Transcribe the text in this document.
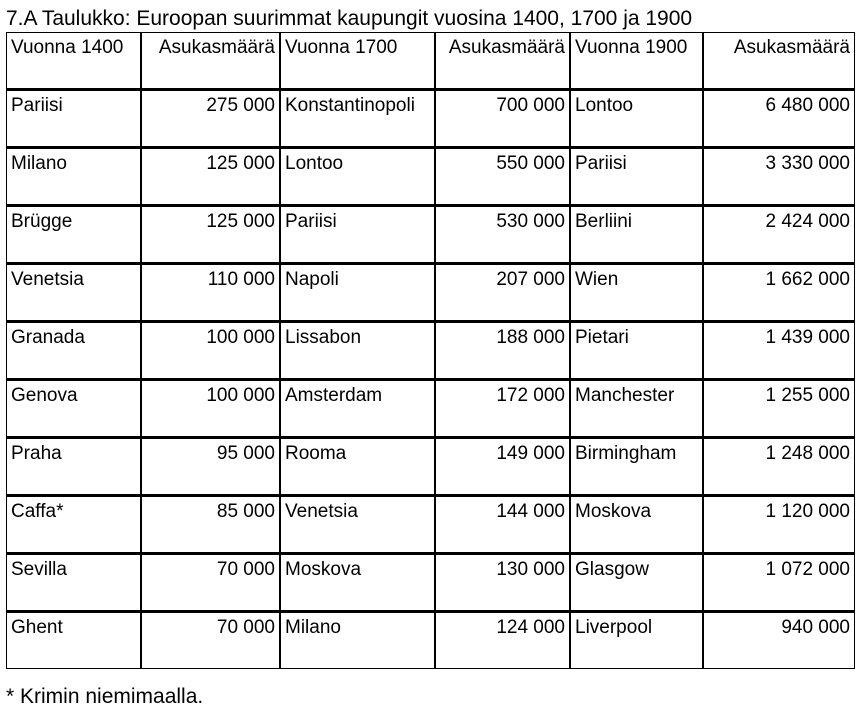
7.A Taulukko: Euroopan suurimmat kaupungit vuosina 1400, 1700 ja 1900
Vuonna 1400	Asukasmäärä	Vuonna 1700	Asukasmäärä	Vuonna 1900	Asukasmäärä
Pariisi	275 000	Konstantinopoli	700 000	Lontoo	6 480 000
Milano	125 000	Lontoo	550 000	Pariisi	3 330 000
Brügge	125 000	Pariisi	530 000	Berliini	2 424 000
Venetsia	110 000	Napoli	207 000	Wien	1 662 000
Granada	100 000	Lissabon	188 000	Pietari	1 439 000
Genova	100 000	Amsterdam	172 000	Manchester	1 255 000
Praha	95 000	Rooma	149 000	Birmingham	1 248 000
Caffa*	85 000	Venetsia	144 000	Moskova	1 120 000
Sevilla	70 000	Moskova	130 000	Glasgow	1 072 000
Ghent	70 000	Milano	124 000	Liverpool	940 000
* Krimin niemimaalla.
